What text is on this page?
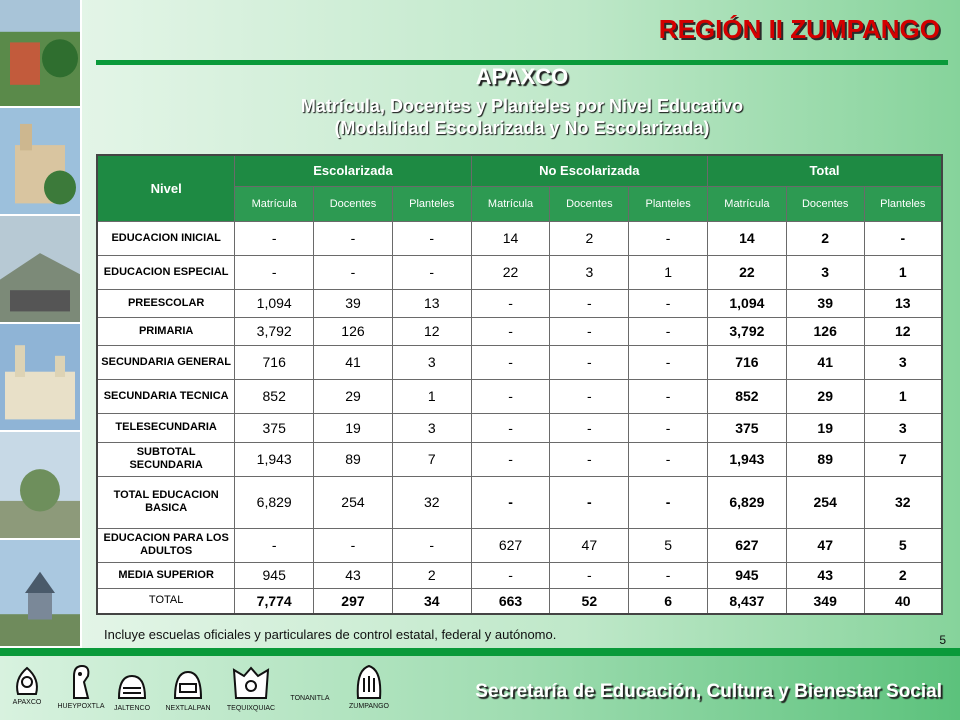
REGIÓN II ZUMPANGO
APAXCO
Matrícula, Docentes y Planteles por Nivel Educativo
(Modalidad Escolarizada y No Escolarizada)
Nivel	Escolarizada			No Escolarizada			Total		
	Matrícula	Docentes	Planteles	Matrícula	Docentes	Planteles	Matrícula	Docentes	Planteles
EDUCACION INICIAL	-	-	-	14	2	-	14	2	-
EDUCACION ESPECIAL	-	-	-	22	3	1	22	3	1
PREESCOLAR	1,094	39	13	-	-	-	1,094	39	13
PRIMARIA	3,792	126	12	-	-	-	3,792	126	12
SECUNDARIA GENERAL	716	41	3	-	-	-	716	41	3
SECUNDARIA TECNICA	852	29	1	-	-	-	852	29	1
TELESECUNDARIA	375	19	3	-	-	-	375	19	3
SUBTOTAL SECUNDARIA	1,943	89	7	-	-	-	1,943	89	7
TOTAL EDUCACION BASICA	6,829	254	32	-	-	-	6,829	254	32
EDUCACION PARA LOS ADULTOS	-	-	-	627	47	5	627	47	5
MEDIA SUPERIOR	945	43	2	-	-	-	945	43	2
TOTAL	7,774	297	34	663	52	6	8,437	349	40
Incluye escuelas oficiales y particulares de control estatal, federal y autónomo.	5
APAXCO
HUEYPOXTLA	JALTENCO	NEXTLALPAN	TEQUIXQUIAC
TONANITLA
ZUMPANGO
Secretaría de Educación, Cultura y Bienestar Social
